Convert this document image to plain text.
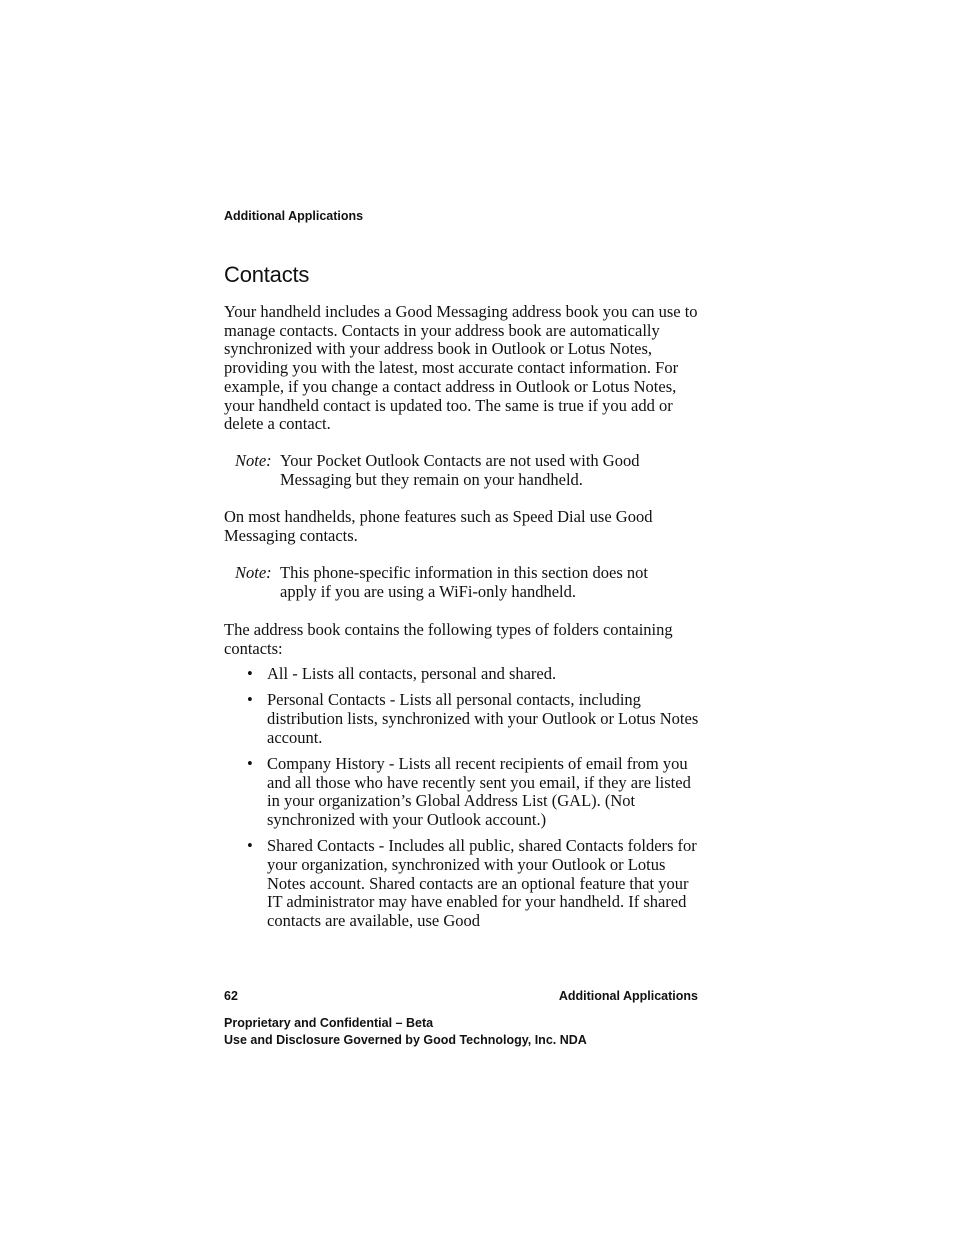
Additional Applications
Contacts

Your handheld includes a Good Messaging address book you can use to manage contacts. Contacts in your address book are automatically synchronized with your address book in Outlook or Lotus Notes, providing you with the latest, most accurate contact information. For example, if you change a contact address in Outlook or Lotus Notes, your handheld contact is updated too. The same is true if you add or delete a contact.

Note: Your Pocket Outlook Contacts are not used with Good Messaging but they remain on your handheld.

On most handhelds, phone features such as Speed Dial use Good Messaging contacts.

Note: This phone-specific information in this section does not apply if you are using a WiFi-only handheld.

The address book contains the following types of folders containing contacts:

• All - Lists all contacts, personal and shared.
• Personal Contacts - Lists all personal contacts, including distribution lists, synchronized with your Outlook or Lotus Notes account.
• Company History - Lists all recent recipients of email from you and all those who have recently sent you email, if they are listed in your organization’s Global Address List (GAL). (Not synchronized with your Outlook account.)
• Shared Contacts - Includes all public, shared Contacts folders for your organization, synchronized with your Outlook or Lotus Notes account. Shared contacts are an optional feature that your IT administrator may have enabled for your handheld. If shared contacts are available, use Good
62	Additional Applications
Proprietary and Confidential – Beta
Use and Disclosure Governed by Good Technology, Inc. NDA
